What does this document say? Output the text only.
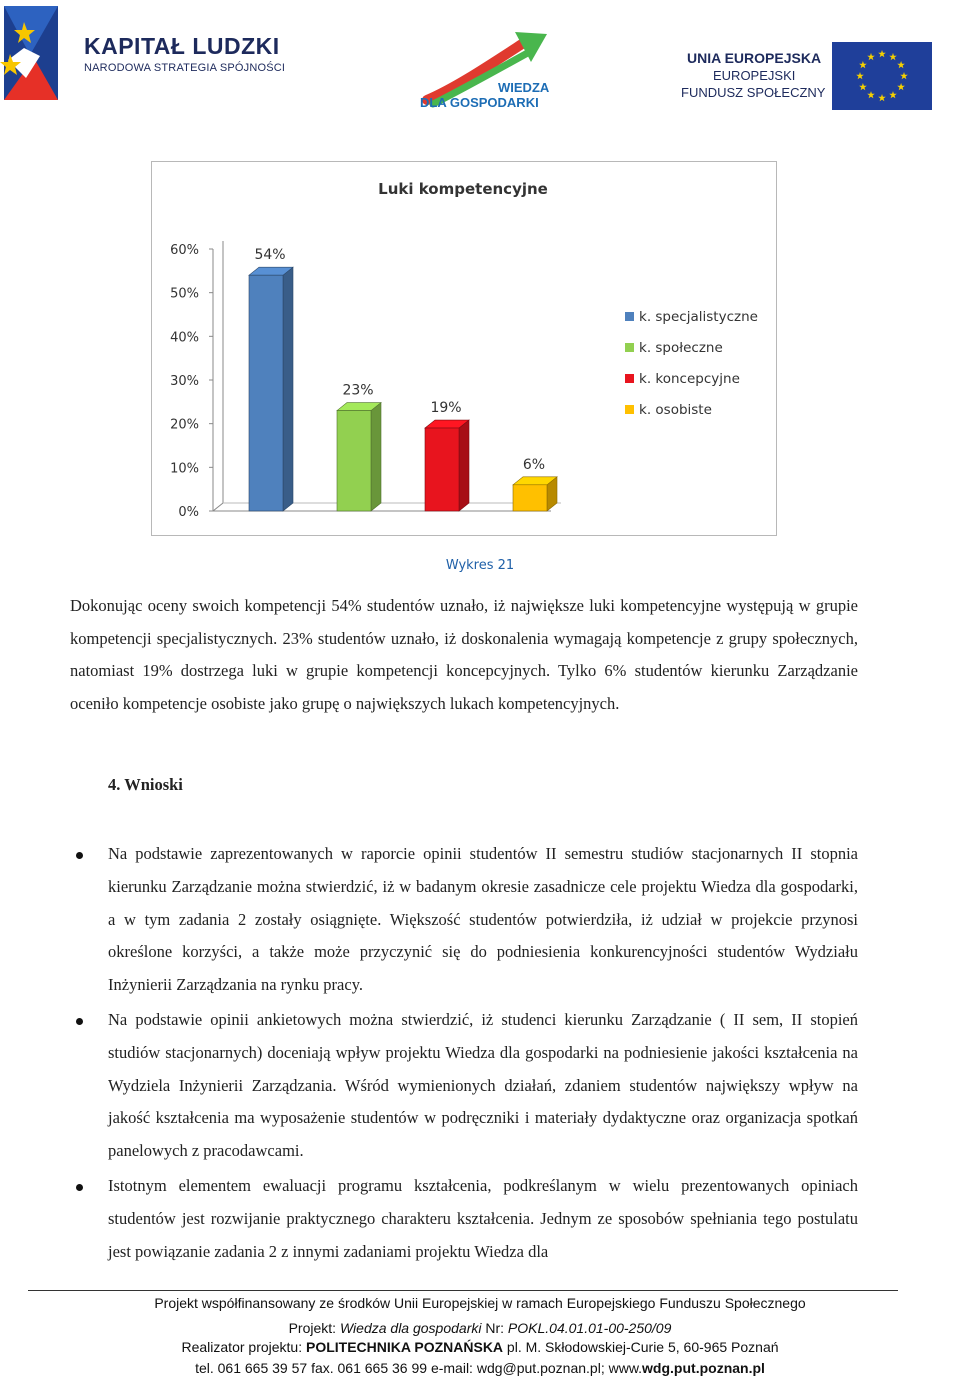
KAPITAŁ LUDZKI
NARODOWA STRATEGIA SPÓJNOŚCI
WIEDZA
DLA GOSPODARKI
UNIA EUROPEJSKA
EUROPEJSKI
FUNDUSZ SPOŁECZNY
Luki kompetencyjne
0%
10%
20%
30%
40%
50%
60%	54%
23%
19%
6%
k. specjalistyczne
k. społeczne
k. koncepcyjne
k. osobiste
Wykres 21

Dokonując oceny swoich kompetencji 54% studentów uznało, iż największe luki kompetencyjne występują w grupie kompetencji specjalistycznych. 23% studentów uznało, iż doskonalenia wymagają kompetencje z grupy społecznych, natomiast 19% dostrzega luki w grupie kompetencji koncepcyjnych. Tylko 6% studentów kierunku Zarządzanie oceniło kompetencje osobiste jako grupę o największych lukach kompetencyjnych.

4. Wnioski

Na podstawie zaprezentowanych w raporcie opinii studentów II semestru studiów stacjonarnych II stopnia kierunku Zarządzanie można stwierdzić, iż w badanym okresie zasadnicze cele projektu Wiedza dla gospodarki, a w tym zadania 2 zostały osiągnięte. Większość studentów potwierdziła, iż udział w projekcie przynosi określone korzyści, a także może przyczynić się do podniesienia konkurencyjności studentów Wydziału Inżynierii Zarządzania na rynku pracy.

Na podstawie opinii ankietowych można stwierdzić, iż studenci kierunku Zarządzanie ( II sem, II stopień studiów stacjonarnych) doceniają wpływ projektu Wiedza dla gospodarki na podniesienie jakości kształcenia na Wydziela Inżynierii Zarządzania. Wśród wymienionych działań, zdaniem studentów największy wpływ na jakość kształcenia ma wyposażenie studentów w podręczniki i materiały dydaktyczne oraz organizacja spotkań panelowych z pracodawcami.

Istotnym elementem ewaluacji programu kształcenia, podkreślanym w wielu prezentowanych opiniach studentów jest rozwijanie praktycznego charakteru kształcenia. Jednym ze sposobów spełniania tego postulatu jest powiązanie zadania 2 z innymi zadaniami projektu Wiedza dla

Projekt współfinansowany ze środków Unii Europejskiej w ramach Europejskiego Funduszu Społecznego

Projekt: Wiedza dla gospodarki Nr: POKL.04.01.01-00-250/09

Realizator projektu: POLITECHNIKA POZNAŃSKA pl. M. Skłodowskiej-Curie 5, 60-965 Poznań

tel. 061 665 39 57 fax. 061 665 36 99 e-mail: wdg@put.poznan.pl; www.wdg.put.poznan.pl
